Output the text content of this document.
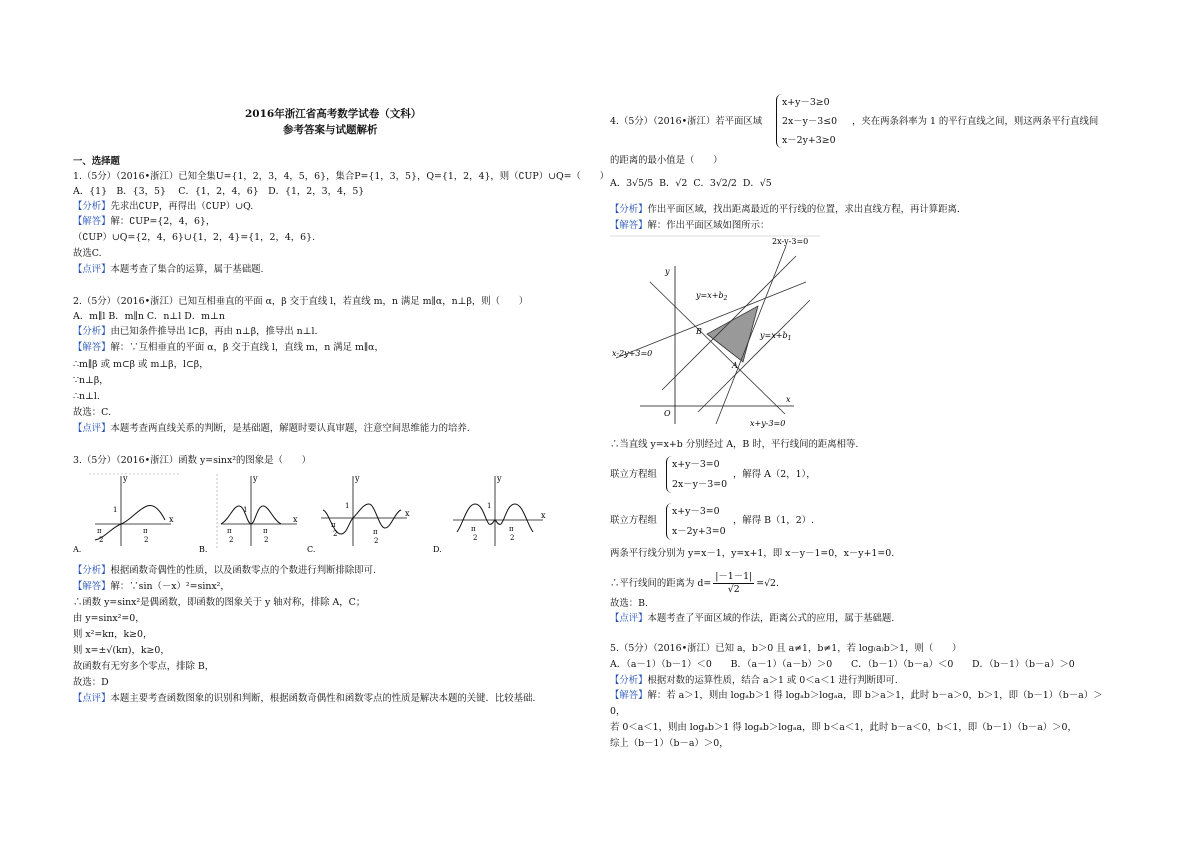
2016年浙江省高考数学试卷（文科）
参考答案与试题解析
一、选择题
1.（5分）（2016•浙江）已知全集U={1，2，3，4，5，6}，集合P={1，3，5}，Q={1，2，4}，则（∁UP）∪Q=（　　）
A．{1}　B．{3，5}　 C．{1，2，4，6}　D．{1，2，3，4，5}
【分析】先求出∁UP，再得出（∁UP）∪Q.
【解答】解：∁UP={2，4，6}，
（∁UP）∪Q={2，4，6}∪{1，2，4}={1，2，4，6}.
故选C.
【点评】本题考查了集合的运算，属于基础题.
2.（5分）（2016•浙江）已知互相垂直的平面 α，β 交于直线 l，若直线 m，n 满足 m∥α，n⊥β，则（　　）
A．m∥l B．m∥n C．n⊥l D．m⊥n
【分析】由已知条件推导出 l⊂β，再由 n⊥β，推导出 n⊥l.
【解答】解：∵互相垂直的平面 α，β 交于直线 l，直线 m，n 满足 m∥α，
∴m∥β 或 m⊂β 或 m⊥β，l⊂β，
∵n⊥β，
∴n⊥l.
故选：C.
【点评】本题考查两直线关系的判断，是基础题，解题时要认真审题，注意空间思维能力的培养.
3.（5分）（2016•浙江）函数 y=sinx²的图象是（　　）
y
x
1
π
2
π
2
A.
y
x
1
π
2
π
2
B.
y
x
1
π
2	π
2
C.
y
x
1
π
2
π
2
D.
【分析】根据函数奇偶性的性质，以及函数零点的个数进行判断排除即可.
【解答】解：∵sin（－x）²=sinx²，
∴函数 y=sinx²是偶函数，即函数的图象关于 y 轴对称，排除 A，C；
由 y=sinx²=0，
则 x²=kπ，k≥0，
则 x=±√(kπ)，k≥0，
故函数有无穷多个零点，排除 B，
故选：D
【点评】本题主要考查函数图象的识别和判断，根据函数奇偶性和函数零点的性质是解决本题的关键．比较基础.
4.（5分）（2016•浙江）若平面区域
x+y－3≥0
2x－y－3≤0
x－2y+3≥0
，夹在两条斜率为 1 的平行直线之间，则这两条平行直线间
的距离的最小值是（　　）
A．3√5/5 B．√2 C．3√2/2 D．√5
【分析】作出平面区域，找出距离最近的平行线的位置，求出直线方程，再计算距离.
【解答】解：作出平面区域如图所示：
2x-y-3=0
y
$y=x+b_2$
$y=x+b_1$
B
A
x-2y+3=0
O
x
x+y-3=0
∴当直线 y=x+b 分别经过 A，B 时，平行线间的距离相等.
联立方程组
x+y－3=0
2x－y－3=0
，解得 A（2，1），
联立方程组
x+y－3=0
x－2y+3=0
，解得 B（1，2）.
两条平行线分别为 y=x－1，y=x+1，即 x－y－1=0，x－y+1=0.
∴平行线间的距离为 $d= \frac{|-1-1|}{√2} =√2$.
故选：B.
【点评】本题考查了平面区域的作法，距离公式的应用，属于基础题.
5.（5分）（2016•浙江）已知 a，b＞0 且 a≠1，b≠1，若 log₍a₎b＞1，则（　　）
A．（a－1）（b－1）＜0　　B．（a－1）（a－b）＞0　　C．（b－1）（b－a）＜0　　D．（b－1）（b－a）＞0
【分析】根据对数的运算性质，结合 a＞1 或 0＜a＜1 进行判断即可.
【解答】解：若 a＞1，则由 logₐb＞1 得 logₐb＞logₐa，即 b＞a＞1，此时 b－a＞0，b＞1，即（b－1）（b－a）＞
0，
若 0＜a＜1，则由 logₐb＞1 得 logₐb＞logₐa，即 b＜a＜1，此时 b－a＜0，b＜1，即（b－1）（b－a）＞0，
综上（b－1）（b－a）＞0，
